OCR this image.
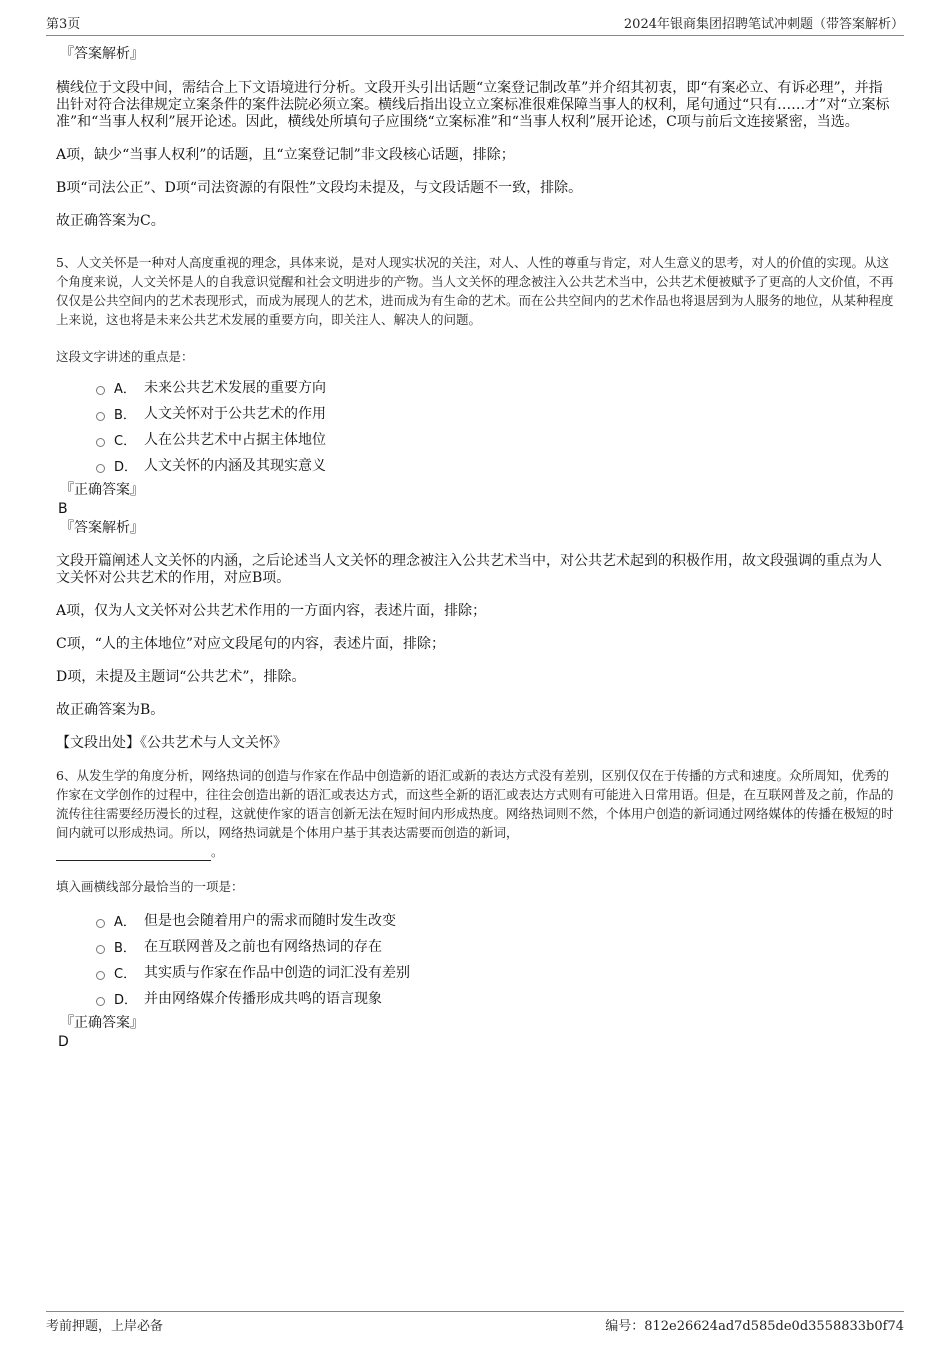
第3页	2024年银商集团招聘笔试冲刺题（带答案解析）

『答案解析』

横线位于文段中间，需结合上下文语境进行分析。文段开头引出话题“立案登记制改革”并介绍其初衷，即“有案必立、有诉必理”，并指出针对符合法律规定立案条件的案件法院必须立案。横线后指出设立立案标准很难保障当事人的权利，尾句通过“只有……才”对“立案标准”和“当事人权利”展开论述。因此，横线处所填句子应围绕“立案标准”和“当事人权利”展开论述，C项与前后文连接紧密，当选。

A项，缺少“当事人权利”的话题，且“立案登记制”非文段核心话题，排除；

B项“司法公正”、D项“司法资源的有限性”文段均未提及，与文段话题不一致，排除。

故正确答案为C。

5、人文关怀是一种对人高度重视的理念，具体来说，是对人现实状况的关注，对人、人性的尊重与肯定，对人生意义的思考，对人的价值的实现。从这个角度来说，人文关怀是人的自我意识觉醒和社会文明进步的产物。当人文关怀的理念被注入公共艺术当中，公共艺术便被赋予了更高的人文价值，不再仅仅是公共空间内的艺术表现形式，而成为展现人的艺术，进而成为有生命的艺术。而在公共空间内的艺术作品也将退居到为人服务的地位，从某种程度上来说，这也将是未来公共艺术发展的重要方向，即关注人、解决人的问题。

这段文字讲述的重点是：

A． 未来公共艺术发展的重要方向
B． 人文关怀对于公共艺术的作用
C． 人在公共艺术中占据主体地位
D． 人文关怀的内涵及其现实意义

『正确答案』

B

『答案解析』

文段开篇阐述人文关怀的内涵，之后论述当人文关怀的理念被注入公共艺术当中，对公共艺术起到的积极作用，故文段强调的重点为人文关怀对公共艺术的作用，对应B项。

A项，仅为人文关怀对公共艺术作用的一方面内容，表述片面，排除；

C项，“人的主体地位”对应文段尾句的内容，表述片面，排除；

D项，未提及主题词“公共艺术”，排除。

故正确答案为B。

【文段出处】《公共艺术与人文关怀》

6、从发生学的角度分析，网络热词的创造与作家在作品中创造新的语汇或新的表达方式没有差别，区别仅仅在于传播的方式和速度。众所周知，优秀的作家在文学创作的过程中，往往会创造出新的语汇或表达方式，而这些全新的语汇或表达方式则有可能进入日常用语。但是，在互联网普及之前，作品的流传往往需要经历漫长的过程，这就使作家的语言创新无法在短时间内形成热度。网络热词则不然，个体用户创造的新词通过网络媒体的传播在极短的时间内就可以形成热词。所以，网络热词就是个体用户基于其表达需要而创造的新词，
。

填入画横线部分最恰当的一项是：

A． 但是也会随着用户的需求而随时发生改变
B． 在互联网普及之前也有网络热词的存在
C． 其实质与作家在作品中创造的词汇没有差别
D． 并由网络媒介传播形成共鸣的语言现象

『正确答案』

D
考前押题，上岸必备	编号：812e26624ad7d585de0d3558833b0f74
